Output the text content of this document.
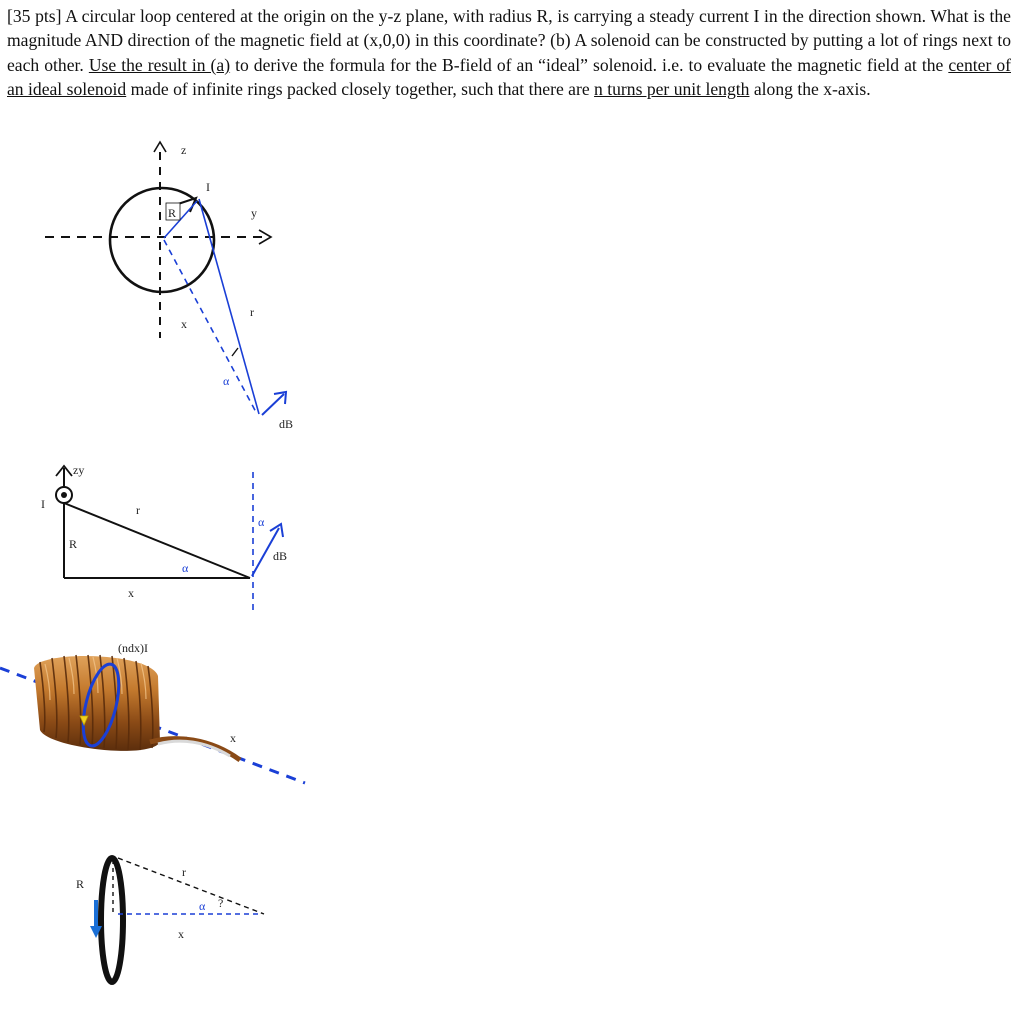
[35 pts] A circular loop centered at the origin on the y-z plane, with radius R, is carrying a steady current I in the direction shown. What is the magnitude AND direction of the magnetic field at (x,0,0) in this coordinate? (b) A solenoid can be constructed by putting a lot of rings next to each other. Use the result in (a) to derive the formula for the B-field of an “ideal” solenoid. i.e. to evaluate the magnetic field at the center of an ideal solenoid made of infinite rings packed closely together, such that there are n turns per unit length along the x-axis.

z
y
I
R
r
x
α
dB
zy
I
R
r
x
α
α
dB
(ndx)I
x
R
r
x
α ?
